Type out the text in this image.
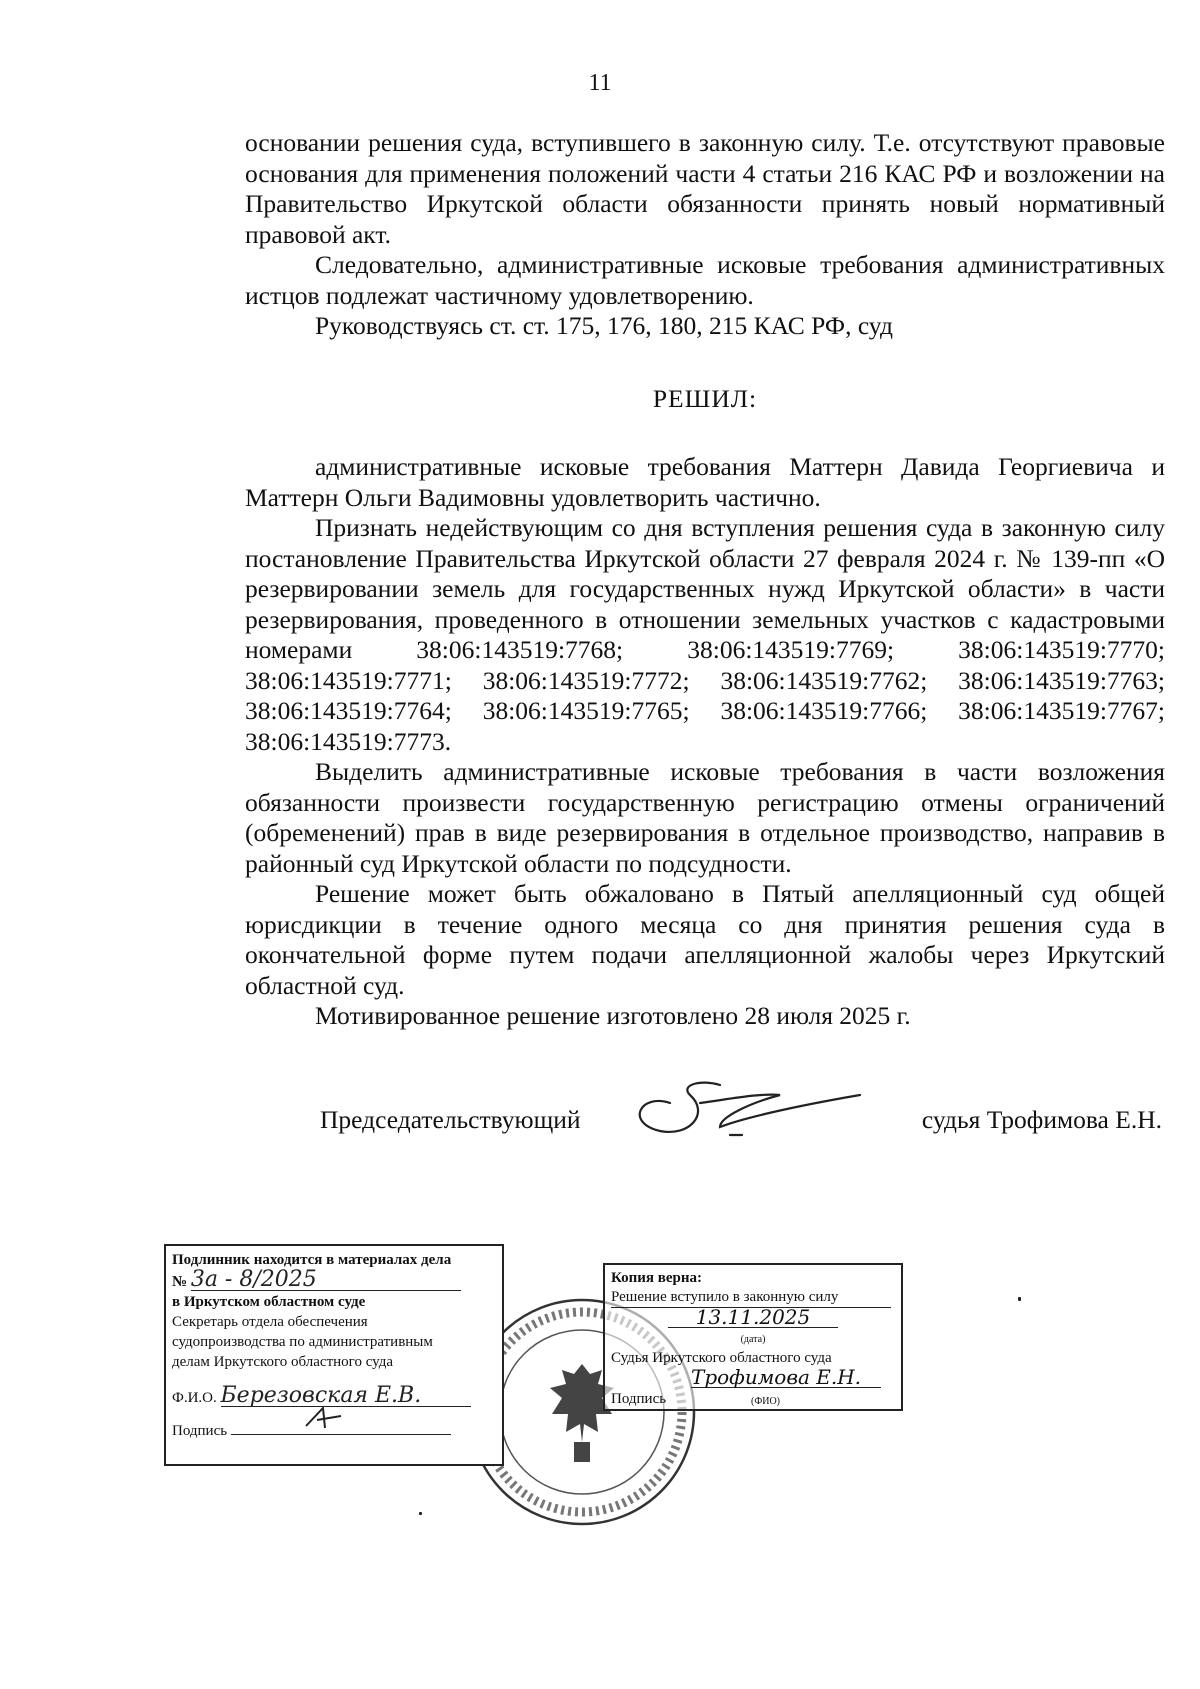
11

основании решения суда, вступившего в законную силу. Т.е. отсутствуют правовые основания для применения положений части 4 статьи 216 КАС РФ и возложении на Правительство Иркутской области обязанности принять новый нормативный правовой акт.

Следовательно, административные исковые требования административных истцов подлежат частичному удовлетворению.

Руководствуясь ст. ст. 175, 176, 180, 215 КАС РФ, суд

РЕШИЛ:

административные исковые требования Маттерн Давида Георгиевича и Маттерн Ольги Вадимовны удовлетворить частично.

Признать недействующим со дня вступления решения суда в законную силу постановление Правительства Иркутской области 27 февраля 2024 г. № 139-пп «О резервировании земель для государственных нужд Иркутской области» в части резервирования, проведенного в отношении земельных участков с кадастровыми номерами 38:06:143519:7768; 38:06:143519:7769; 38:06:143519:7770; 38:06:143519:7771; 38:06:143519:7772; 38:06:143519:7762; 38:06:143519:7763; 38:06:143519:7764; 38:06:143519:7765; 38:06:143519:7766; 38:06:143519:7767; 38:06:143519:7773.

Выделить административные исковые требования в части возложения обязанности произвести государственную регистрацию отмены ограничений (обременений) прав в виде резервирования в отдельное производство, направив в районный суд Иркутской области по подсудности.

Решение может быть обжаловано в Пятый апелляционный суд общей юрисдикции в течение одного месяца со дня принятия решения суда в окончательной форме путем подачи апелляционной жалобы через Иркутский областной суд.

Мотивированное решение изготовлено 28 июля 2025 г.

Председательствующий	судья Трофимова Е.Н.
Подлинник находится в материалах дела
№ 3а - 8/2025
в Иркутском областном суде
Секретарь отдела обеспечения
судопроизводства по административным
делам Иркутского областного суда
Ф.И.О. Березовская Е.В.
Подпись
Копия верна:
Решение вступило в законную силу
13.11.2025
(дата)
Судья Иркутского областного суда
Трофимова Е.Н.
Подпись	(ФИО)
